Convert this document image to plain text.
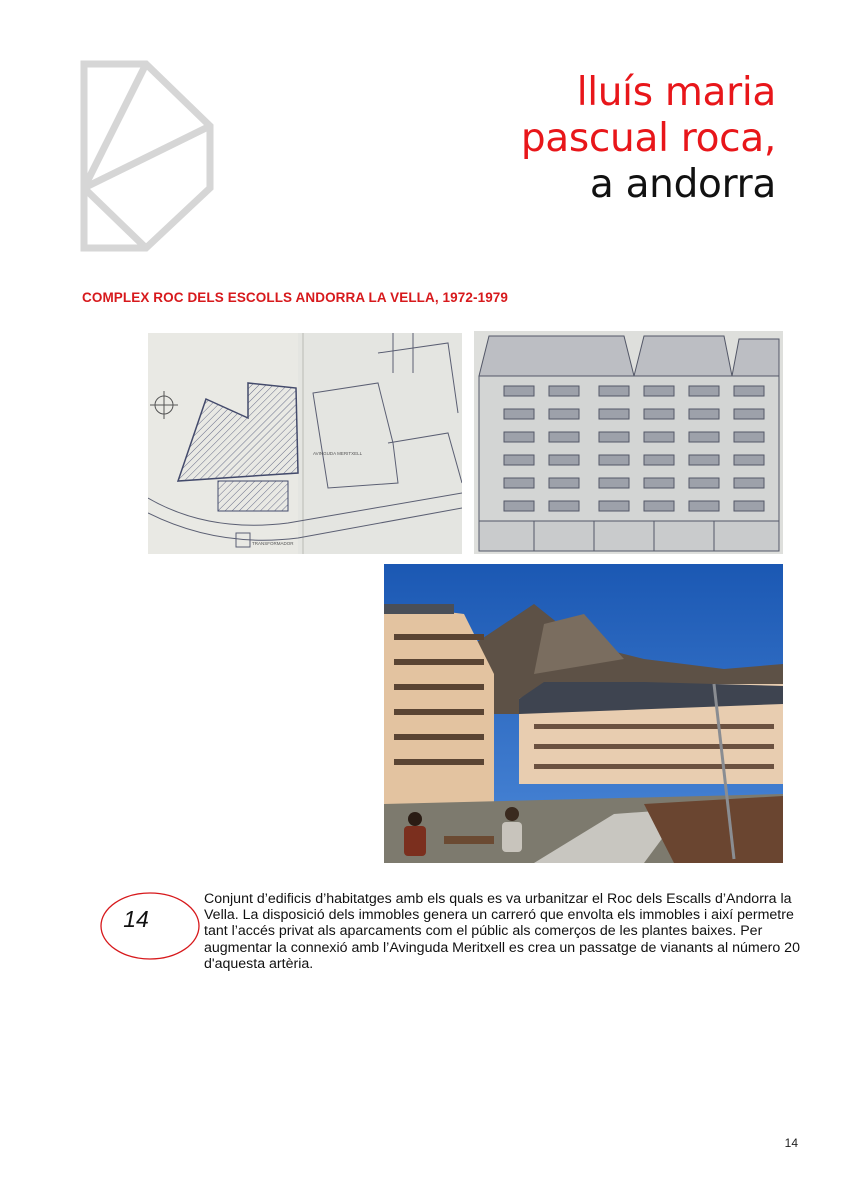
lluís maria
pascual roca,
a andorra
COMPLEX ROC DELS ESCOLLS ANDORRA LA VELLA, 1972-1979
AVINGUDA MERITXELL
TRANSFORMADOR
14
Conjunt d’edificis d’habitatges amb els quals es va urbanitzar el Roc dels Escalls d’Andorra la Vella. La disposició dels immobles genera un carreró que envolta els immobles i així permetre tant l’accés privat als aparcaments com el públic als comerços de les plantes baixes. Per augmentar la connexió amb l’Avinguda Meritxell es crea un passatge de vianants al número 20 d'aquesta artèria.
14
